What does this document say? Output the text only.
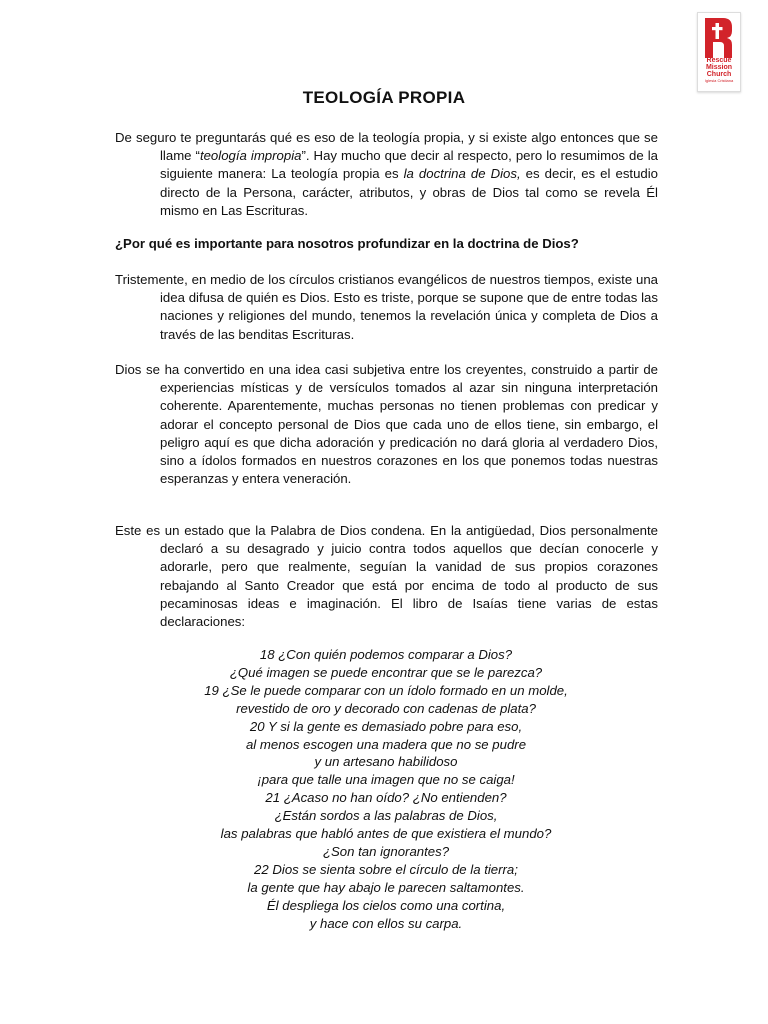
Rescue
Mission
Church
Iglesia Cristiana
TEOLOGÍA PROPIA
De seguro te preguntarás qué es eso de la teología propia, y si existe algo entonces que se llame “teología impropia”. Hay mucho que decir al respecto, pero lo resumimos de la siguiente manera: La teología propia es la doctrina de Dios, es decir, es el estudio directo de la Persona, carácter, atributos, y obras de Dios tal como se revela Él mismo en Las Escrituras.
¿Por qué es importante para nosotros profundizar en la doctrina de Dios?
Tristemente, en medio de los círculos cristianos evangélicos de nuestros tiempos, existe una idea difusa de quién es Dios. Esto es triste, porque se supone que de entre todas las naciones y religiones del mundo, tenemos la revelación única y completa de Dios a través de las benditas Escrituras.
Dios se ha convertido en una idea casi subjetiva entre los creyentes, construido a partir de experiencias místicas y de versículos tomados al azar sin ninguna interpretación coherente. Aparentemente, muchas personas no tienen problemas con predicar y adorar el concepto personal de Dios que cada uno de ellos tiene, sin embargo, el peligro aquí es que dicha adoración y predicación no dará gloria al verdadero Dios, sino a ídolos formados en nuestros corazones en los que ponemos todas nuestras esperanzas y entera veneración.
Este es un estado que la Palabra de Dios condena. En la antigüedad, Dios personalmente declaró a su desagrado y juicio contra todos aquellos que decían conocerle y adorarle, pero que realmente, seguían la vanidad de sus propios corazones rebajando al Santo Creador que está por encima de todo al producto de sus pecaminosas ideas e imaginación. El libro de Isaías tiene varias de estas declaraciones:
18 ¿Con quién podemos comparar a Dios?
¿Qué imagen se puede encontrar que se le parezca?
19 ¿Se le puede comparar con un ídolo formado en un molde,
revestido de oro y decorado con cadenas de plata?
20 Y si la gente es demasiado pobre para eso,
al menos escogen una madera que no se pudre
y un artesano habilidoso
¡para que talle una imagen que no se caiga!
21 ¿Acaso no han oído? ¿No entienden?
¿Están sordos a las palabras de Dios,
las palabras que habló antes de que existiera el mundo?
¿Son tan ignorantes?
22 Dios se sienta sobre el círculo de la tierra;
la gente que hay abajo le parecen saltamontes.
Él despliega los cielos como una cortina,
y hace con ellos su carpa.
